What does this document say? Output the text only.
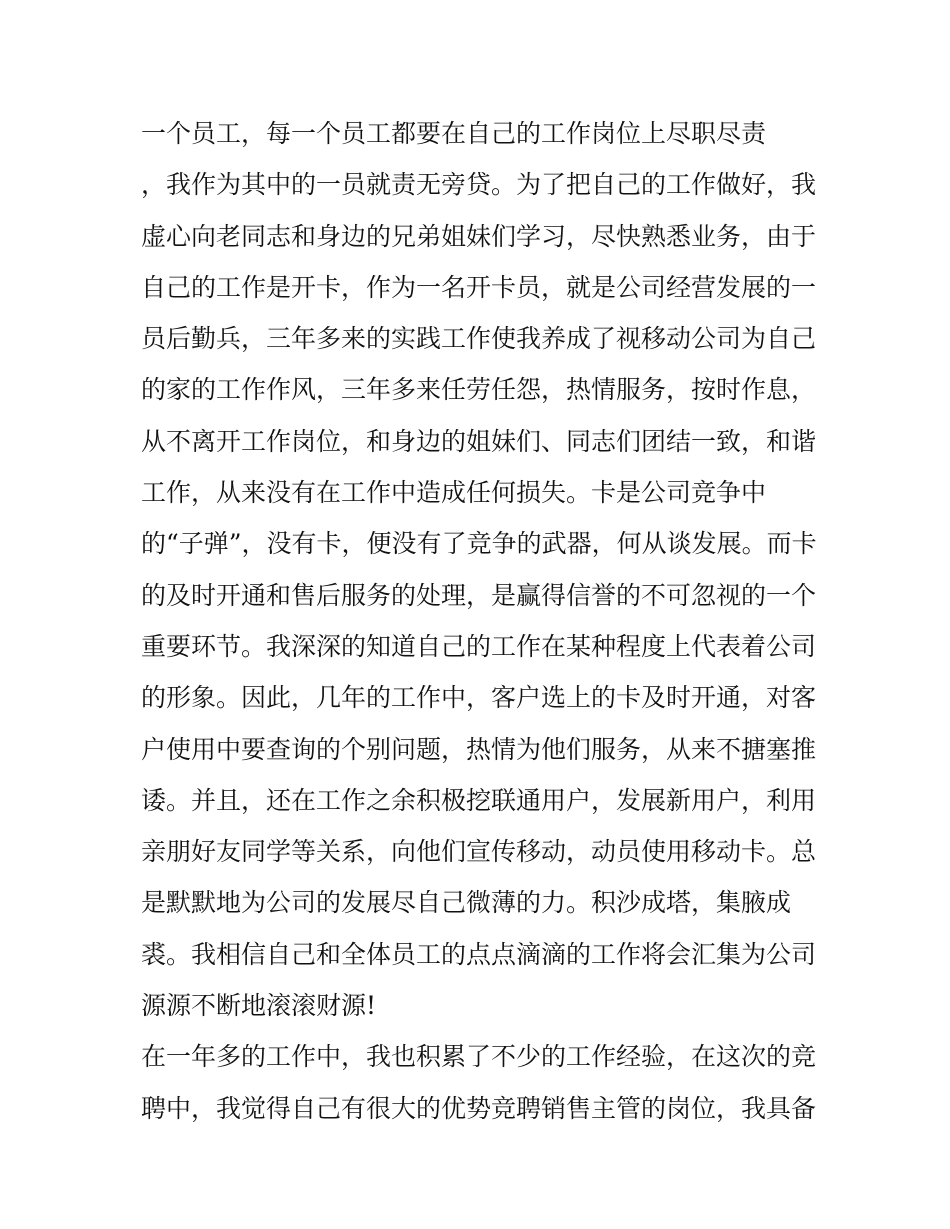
一个员工，每一个员工都要在自己的工作岗位上尽职尽责
，我作为其中的一员就责无旁贷。为了把自己的工作做好，我
虚心向老同志和身边的兄弟姐妹们学习，尽快熟悉业务，由于
自己的工作是开卡，作为一名开卡员，就是公司经营发展的一
员后勤兵，三年多来的实践工作使我养成了视移动公司为自己
的家的工作作风，三年多来任劳任怨，热情服务，按时作息，
从不离开工作岗位，和身边的姐妹们、同志们团结一致，和谐
工作，从来没有在工作中造成任何损失。卡是公司竞争中
的“子弹”，没有卡，便没有了竞争的武器，何从谈发展。而卡
的及时开通和售后服务的处理，是赢得信誉的不可忽视的一个
重要环节。我深深的知道自己的工作在某种程度上代表着公司
的形象。因此，几年的工作中，客户选上的卡及时开通，对客
户使用中要查询的个别问题，热情为他们服务，从来不搪塞推
诿。并且，还在工作之余积极挖联通用户，发展新用户，利用
亲朋好友同学等关系，向他们宣传移动，动员使用移动卡。总
是默默地为公司的发展尽自己微薄的力。积沙成塔，集腋成
裘。我相信自己和全体员工的点点滴滴的工作将会汇集为公司
源源不断地滚滚财源!
在一年多的工作中，我也积累了不少的工作经验，在这次的竞
聘中，我觉得自己有很大的优势竞聘销售主管的岗位，我具备
